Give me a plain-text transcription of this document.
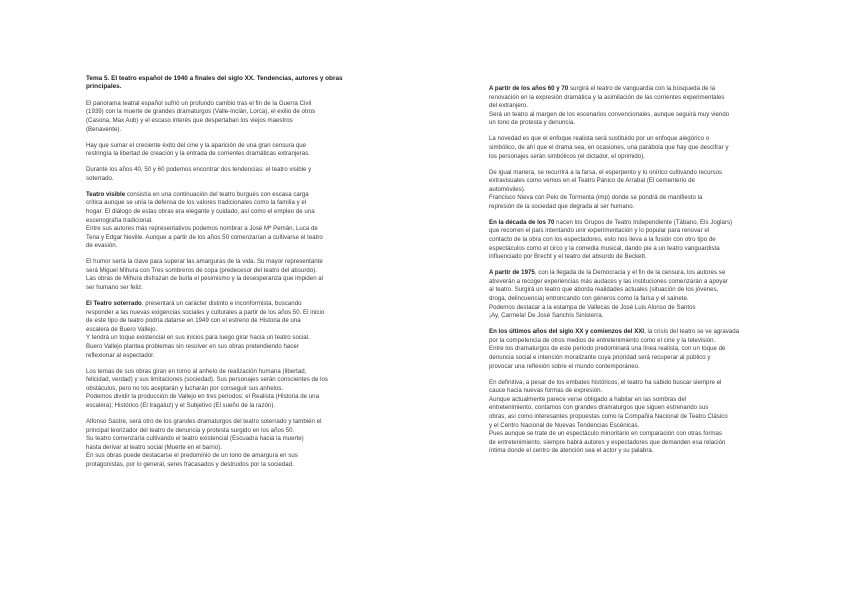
Tema 5. El teatro español de 1940 a finales del siglo XX. Tendencias, autores y obras principales.

El panorama teatral español sufrió un profundo cambio tras el fin de la Guerra Civil
(1939) con la muerte de grandes dramaturgos (Valle-Inclán, Lorca), el exilio de otros
(Casona, Max Aub) y el escaso interés que despertaban los viejos maestros
(Benavente).

Hay que sumar el creciente éxito del cine y la aparición de una gran censura que
restringía la libertad de creación y la entrada de corrientes dramáticas extranjeras.

Durante los años 40, 50 y 60 podemos encontrar dos tendencias: el teatro visible y
soterrado.

Teatro visible consistía en una continuación del teatro burgués con escasa carga
crítica aunque se unía la defensa de los valores tradicionales como la familia y el
hogar. El diálogo de estas obras era elegante y cuidado, así como el empleo de una
escenografía tradicional.
Entre sus autores más representativos podemos nombrar a José Mª Pemán, Luca de
Tena y Edgar Neville. Aunque a partir de los años 50 comenzarían a cultivarse el teatro
de evasión.

El humor sería la clave para superar las amarguras de la vida. Su mayor representante
será Miguel Mihura con Tres sombreros de copa (predecesor del teatro del absurdo).
Las obras de Mihura disfrazan de burla el pesimismo y la desesperanza que impiden al
ser humano ser feliz.

El Teatro soterrado, presentará un carácter distinto e inconformista, buscando
responder a las nuevas exigencias sociales y culturales a partir de los años 50. El inicio
de este tipo de teatro podría datarse en 1949 con el estreno de Historia de una
escalera de Buero Vallejo.
Y tendrá un toque existencial en sus inicios para luego girar hacia un teatro social.
Buero Vallejo plantea problemas sin resolver en sus obras pretendiendo hacer
reflexionar al espectador.

Los temas de sus obras giran en torno al anhelo de realización humana (libertad,
felicidad, verdad) y sus limitaciones (sociedad). Sus personajes serán conscientes de los
obstáculos, pero no los aceptarán y lucharán por conseguir sus anhelos.
Podemos dividir la producción de Vallejo en tres periodos: el Realista (Historia de una
escalera); Histórico (El tragaluz) y el Subjetivo (El sueño de la razón).

Alfonso Sastre, será otro de los grandes dramaturgos del teatro soterrado y también el
principal teorizador del teatro de denuncia y protesta surgido en los años 50.
Su teatro comenzaría cultivando el teatro existencial (Escuadra hacia la muerte)
hasta derivar al teatro social (Muerte en el barrio).
En sus obras puede destacarse el predominio de un tono de amargura en sus
protagonistas, por lo general, seres fracasados y destruidos por la sociedad.

A partir de los años 60 y 70 surgirá el teatro de vanguardia con la búsqueda de la
renovación en la expresión dramática y la asimilación de las corrientes experimentales
del extranjero.
Será un teatro al margen de los escenarios convencionales, aunque seguirá muy viendo
un tono de protesta y denuncia.

La novedad es que el enfoque realista será sustituido por un enfoque alegórico o
simbólico, de ahí que el drama sea, en ocasiones, una parábola que hay que descifrar y
los personajes serán simbólicos (el dictador, el oprimido).

De igual manera, se recurrirá a la farsa, el esperpento y lo onírico cultivando recursos
extravisuales como vemos en el Teatro Pánico de Arrabal (El cementerio de
automóviles).
Francisco Nieva con Pelo de Tormenta (imp) donde se pondrá de manifiesto la
represión de la sociedad que degrada al ser humano.

En la década de los 70 nacen los Grupos de Teatro Independiente (Tábano, Els Joglars)
que recorren el país intentando unir experimentación y lo popular para renovar el
contacto de la obra con los espectadores, esto nos lleva a la fusión con otro tipo de
espectáculos como el circo y la comedia musical, dando pie a un teatro vanguardista
influenciado por Brecht y el teatro del absurdo de Beckett.

A partir de 1975, con la llegada de la Democracia y el fin de la censura, los autores se
atreverán a recoger experiencias más audaces y las instituciones comenzarán a apoyar
al teatro. Surgirá un teatro que aborda realidades actuales (situación de los jóvenes,
droga, delincuencia) entroncando con géneros como la farsa y el sainete.
Podemos destacar a la estampa de Vallecas de José Luis Alonso de Santos
¡Ay, Carmela! De José Sanchís Sinisterra.

En los últimos años del siglo XX y comienzos del XXI, la crisis del teatro se ve agravada
por la competencia de otros medios de entretenimiento como el cine y la televisión.
Entre los dramaturgos de este periodo predominará una línea realista, con un toque de
denuncia social e intención moralizante cuya prioridad será recuperar al público y
provocar una reflexión sobre el mundo contemporáneo.

En definitiva, a pesar de los embates históricos, el teatro ha sabido buscar siempre el
cauce hacia nuevas formas de expresión.
Aunque actualmente parece verse obligado a habitar en las sombras del
entretenimiento, contamos con grandes dramaturgos que siguen estrenando sus
obras, así como interesantes propuestas como la Compañía Nacional de Teatro Clásico
y el Centro Nacional de Nuevas Tendencias Escénicas.
Pues aunque se trate de un espectáculo minoritario en comparación con otras formas
de entretenimiento, siempre habrá autores y espectadores que demanden esa relación
íntima donde el centro de atención sea el actor y su palabra.
